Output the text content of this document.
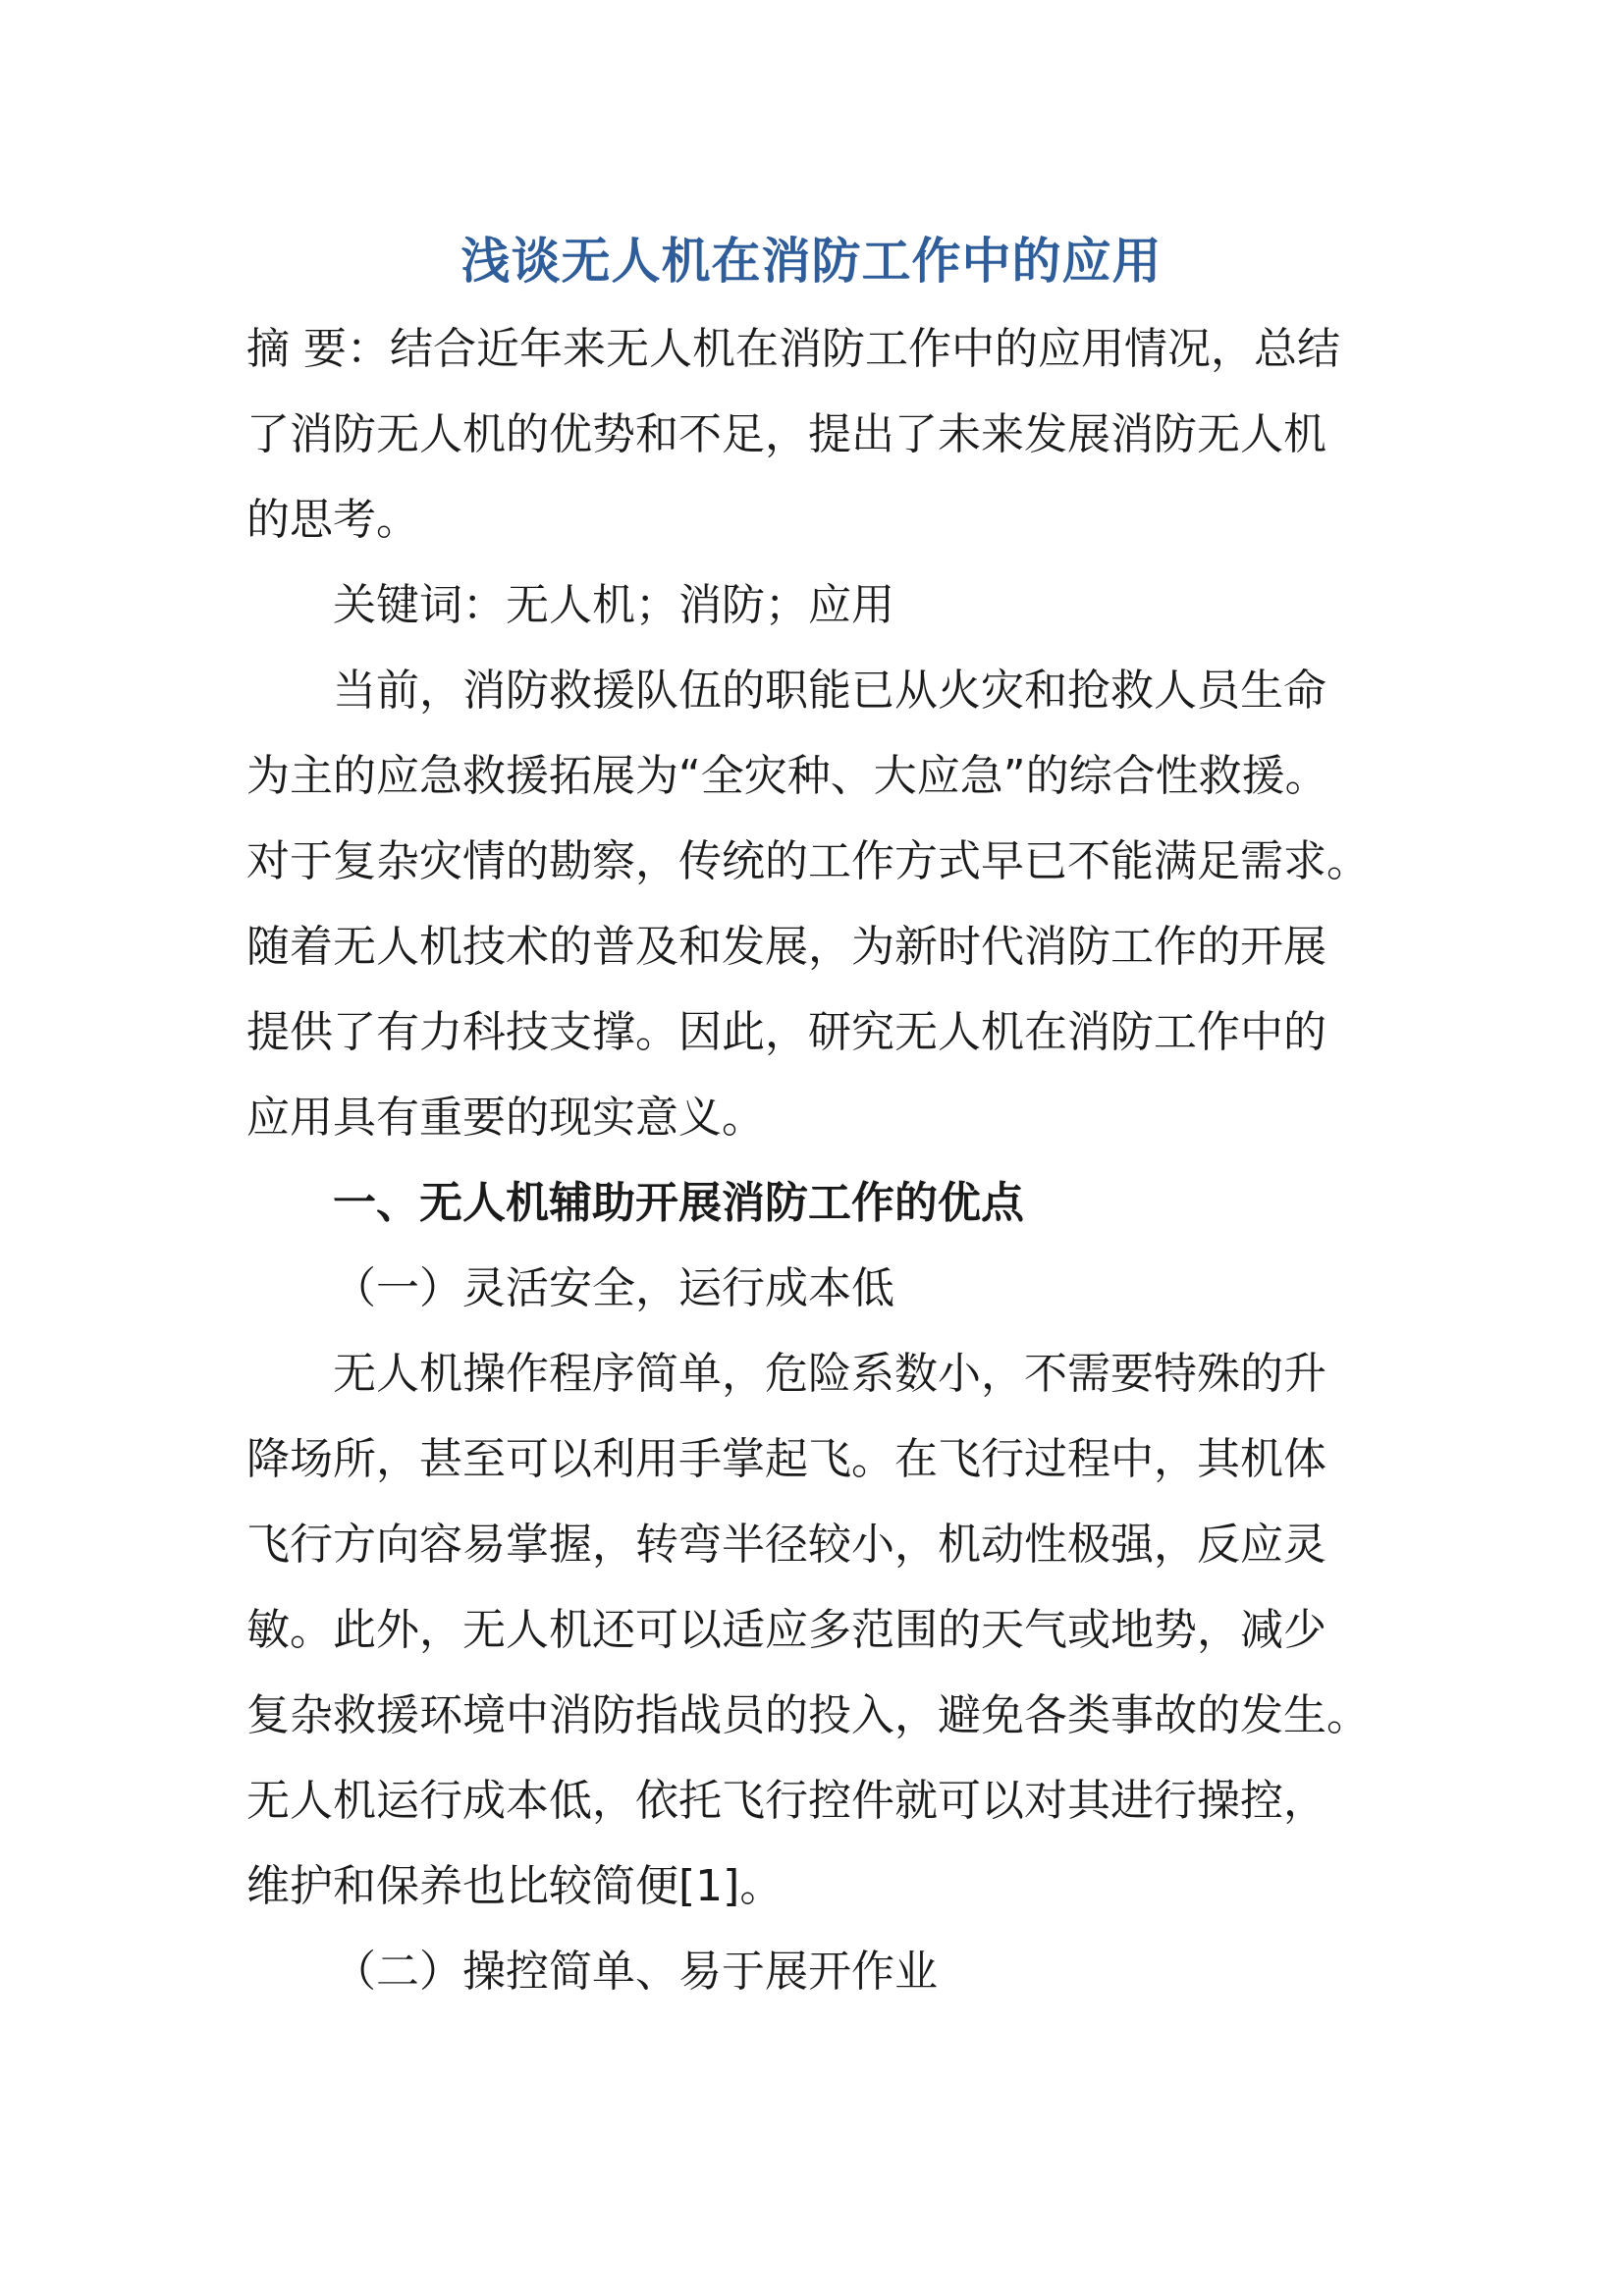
浅谈无人机在消防工作中的应用
摘 要：结合近年来无人机在消防工作中的应用情况，总结
了消防无人机的优势和不足，提出了未来发展消防无人机
的思考。
关键词：无人机；消防；应用
当前，消防救援队伍的职能已从火灾和抢救人员生命
为主的应急救援拓展为“全灾种、大应急”的综合性救援。
对于复杂灾情的勘察，传统的工作方式早已不能满足需求。
随着无人机技术的普及和发展，为新时代消防工作的开展
提供了有力科技支撑。因此，研究无人机在消防工作中的
应用具有重要的现实意义。
一、无人机辅助开展消防工作的优点
（一）灵活安全，运行成本低
无人机操作程序简单，危险系数小，不需要特殊的升
降场所，甚至可以利用手掌起飞。在飞行过程中，其机体
飞行方向容易掌握，转弯半径较小，机动性极强，反应灵
敏。此外，无人机还可以适应多范围的天气或地势，减少
复杂救援环境中消防指战员的投入，避免各类事故的发生。
无人机运行成本低，依托飞行控件就可以对其进行操控，
维护和保养也比较简便[1]。
（二）操控简单、易于展开作业
